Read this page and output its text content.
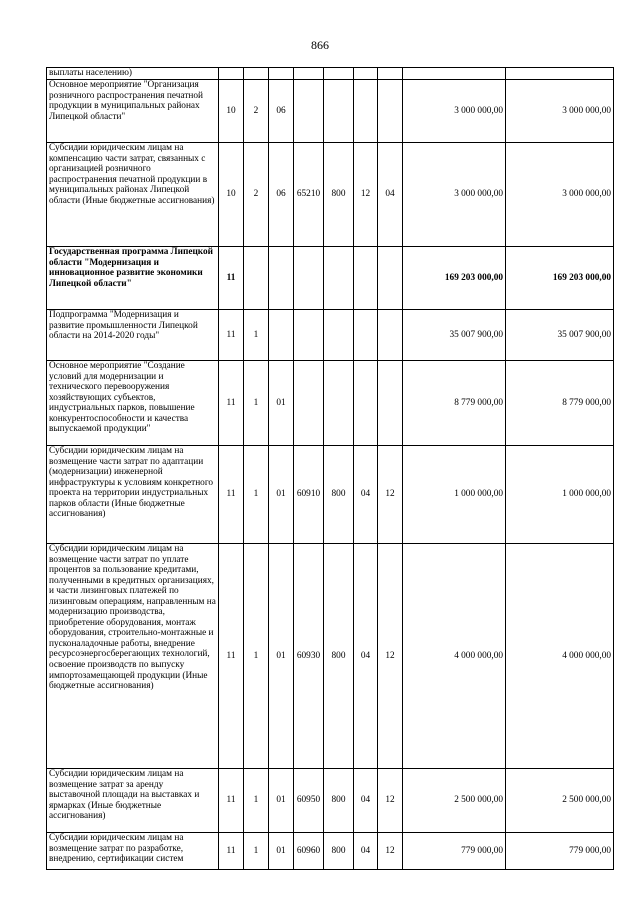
866
выплаты населению)									
Основное мероприятие "Организация розничного распространения печатной продукции в муниципальных районах Липецкой области"	10	2	06					3 000 000,00	3 000 000,00
Субсидии юридическим лицам на компенсацию части затрат, связанных с организацией розничного распространения печатной продукции в муниципальных районах Липецкой области (Иные бюджетные ассигнования)	10	2	06	65210	800	12	04	3 000 000,00	3 000 000,00
Государственная программа Липецкой области "Модернизация и инновационное развитие экономики Липецкой области"	11							169 203 000,00	169 203 000,00
Подпрограмма "Модернизация и развитие промышленности Липецкой области на 2014-2020 годы"	11	1						35 007 900,00	35 007 900,00
Основное мероприятие "Создание условий для модернизации и технического перевооружения хозяйствующих субъектов, индустриальных парков, повышение конкурентоспособности и качества выпускаемой продукции"	11	1	01					8 779 000,00	8 779 000,00
Субсидии юридическим лицам на возмещение части затрат по адаптации (модернизации) инженерной инфраструктуры к условиям конкретного проекта на территории индустриальных парков области (Иные бюджетные ассигнования)	11	1	01	60910	800	04	12	1 000 000,00	1 000 000,00
Субсидии юридическим лицам на возмещение части затрат по уплате процентов за пользование кредитами, полученными в кредитных организациях, и части лизинговых платежей по лизинговым операциям, направленным на модернизацию производства, приобретение оборудования, монтаж оборудования, строительно-монтажные и пусконаладочные работы, внедрение ресурсоэнергосберегающих технологий, освоение производств по выпуску импортозамещающей продукции (Иные бюджетные ассигнования)	11	1	01	60930	800	04	12	4 000 000,00	4 000 000,00
Субсидии юридическим лицам на возмещение затрат за аренду выставочной площади на выставках и ярмарках (Иные бюджетные ассигнования)	11	1	01	60950	800	04	12	2 500 000,00	2 500 000,00
Субсидии юридическим лицам на возмещение затрат по разработке, внедрению, сертификации систем	11	1	01	60960	800	04	12	779 000,00	779 000,00
